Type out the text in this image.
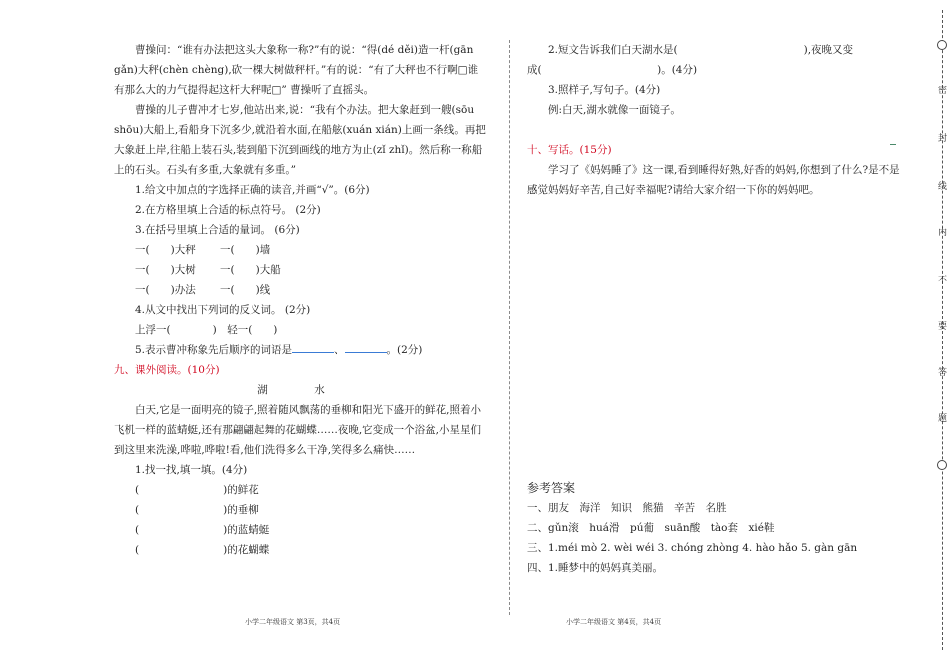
密
封
线
内
不
要
答
题

曹操问：“谁有办法把这头大象称一称?”有的说：“得(dé děi)造一杆(gān gǎn)大秤(chèn chèng),砍一棵大树做秤杆。”有的说：“有了大秤也不行啊□谁有那么大的力气提得起这杆大秤呢□” 曹操听了直摇头。

曹操的儿子曹冲才七岁,他站出来,说：“我有个办法。把大象赶到一艘(sōu shōu)大船上,看船身下沉多少,就沿着水面,在船舷(xuán xián)上画一条线。再把大象赶上岸,往船上装石头,装到船下沉到画线的地方为止(zǐ zhǐ)。然后称一称船上的石头。石头有多重,大象就有多重。”

1.给文中加点的字选择正确的读音,并画“√”。(6分)

2.在方格里填上合适的标点符号。 (2分)

3.在括号里填上合适的量词。 (6分)

一(　　)大秤 一(　　)墙

一(　　)大树 一(　　)大船

一(　　)办法 一(　　)线

4.从文中找出下列词的反义词。 (2分)

上浮一(　　　　)　轻一(　　)

5.表示曹冲称象先后顺序的词语是	、	。(2分)

九、课外阅读。(10分)

湖　水

白天,它是一面明亮的镜子,照着随风飘荡的垂柳和阳光下盛开的鲜花,照着小飞机一样的蓝蜻蜓,还有那翩翩起舞的花蝴蝶……夜晚,它变成一个浴盆,小星星们到这里来洗澡,哗啦,哗啦!看,他们洗得多么干净,笑得多么痛快……

1.找一找,填一填。(4分)

(　　　　　　　　)的鲜花

(　　　　　　　　)的垂柳

(　　　　　　　　)的蓝蜻蜓

(　　　　　　　　)的花蝴蝶

2.短文告诉我们白天湖水是(　　　　　　　　　　　　),夜晚又变

成(　　　　　　　　　　　)。(4分)

3.照样子,写句子。(4分)

例:白天,湖水就像一面镜子。

十、写话。(15分)

学习了《妈妈睡了》这一课,看到睡得好熟,好香的妈妈,你想到了什么?是不是感觉妈妈好辛苦,自己好幸福呢?请给大家介绍一下你的妈妈吧。

参考答案

一、朋友　海洋　知识　熊猫　辛苦　名胜

二、gǔn滚　huá滑　pú葡　suān酸　tào套　xié鞋

三、1.méi mò 2. wèi wéi 3. chóng zhòng 4. hào hǎo 5. gàn gān

四、1.睡梦中的妈妈真美丽。

小学二年级语文 第3页，共4页	小学二年级语文 第4页，共4页
